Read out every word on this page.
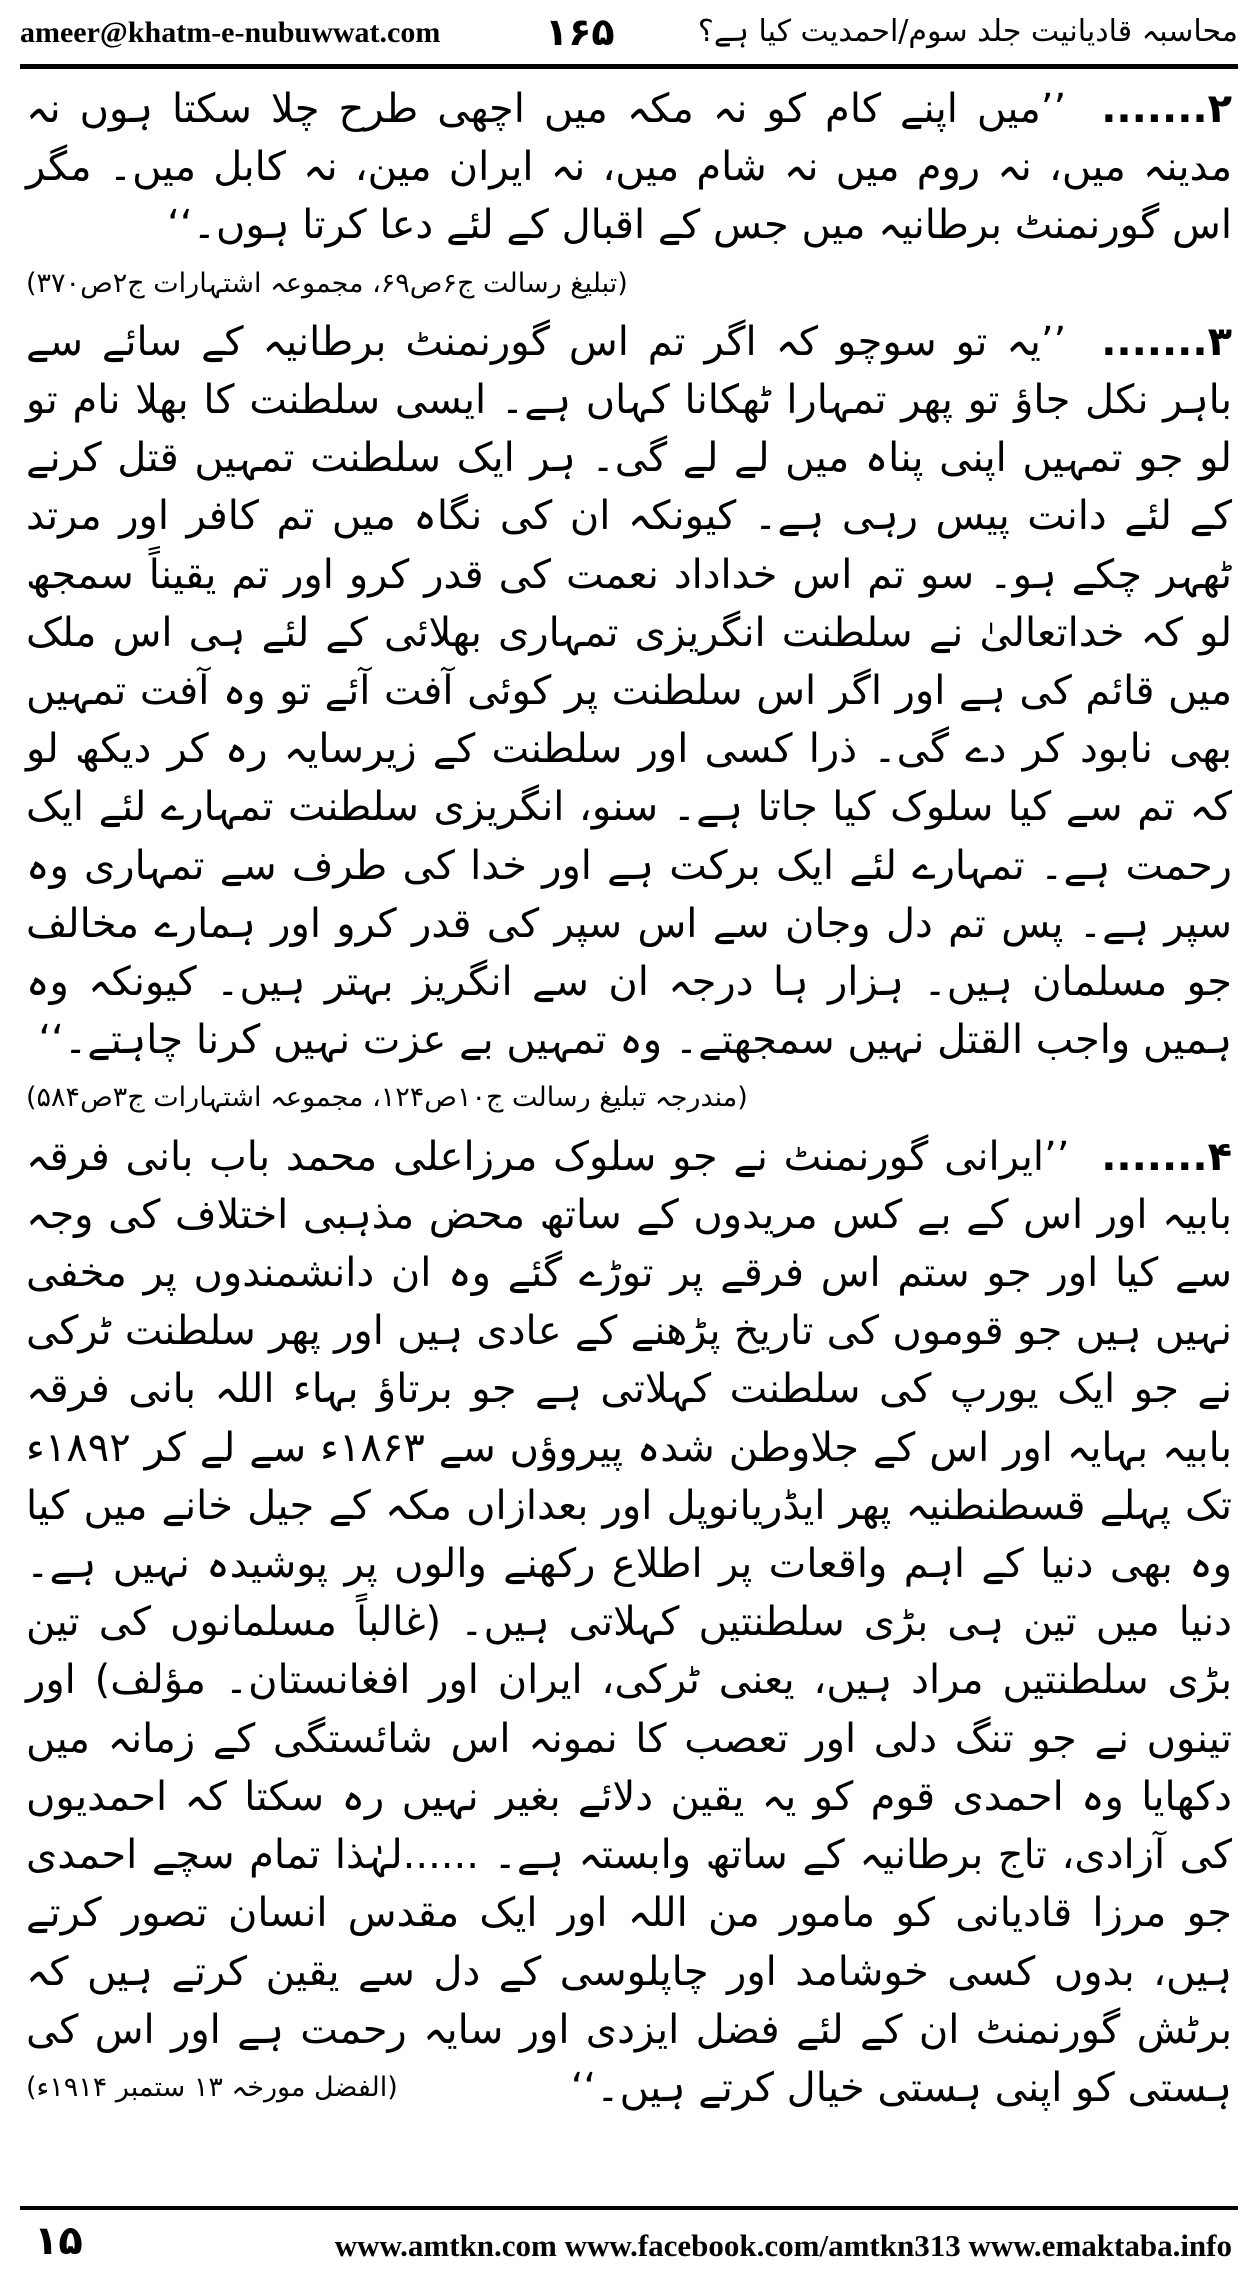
ameer@khatm-e-nubuwwat.com	۱۶۵	محاسبہ قادیانیت جلد سوم/احمدیت کیا ہے؟

۲....... ’’میں اپنے کام کو نہ مکہ میں اچھی طرح چلا سکتا ہوں نہ مدینہ میں، نہ روم میں نہ شام میں، نہ ایران مین، نہ کابل میں۔ مگر اس گورنمنٹ برطانیہ میں جس کے اقبال کے لئے دعا کرتا ہوں۔‘‘
(تبلیغ رسالت ج۶ص۶۹، مجموعہ اشتہارات ج۲ص۳۷۰)

۳....... ’’یہ تو سوچو کہ اگر تم اس گورنمنٹ برطانیہ کے سائے سے باہر نکل جاؤ تو پھر تمہارا ٹھکانا کہاں ہے۔ ایسی سلطنت کا بھلا نام تو لو جو تمہیں اپنی پناہ میں لے لے گی۔ ہر ایک سلطنت تمہیں قتل کرنے کے لئے دانت پیس رہی ہے۔ کیونکہ ان کی نگاہ میں تم کافر اور مرتد ٹھہر چکے ہو۔ سو تم اس خداداد نعمت کی قدر کرو اور تم یقیناً سمجھ لو کہ خداتعالیٰ نے سلطنت انگریزی تمہاری بھلائی کے لئے ہی اس ملک میں قائم کی ہے اور اگر اس سلطنت پر کوئی آفت آئے تو وہ آفت تمہیں بھی نابود کر دے گی۔ ذرا کسی اور سلطنت کے زیرسایہ رہ کر دیکھ لو کہ تم سے کیا سلوک کیا جاتا ہے۔ سنو، انگریزی سلطنت تمہارے لئے ایک رحمت ہے۔ تمہارے لئے ایک برکت ہے اور خدا کی طرف سے تمہاری وہ سپر ہے۔ پس تم دل وجان سے اس سپر کی قدر کرو اور ہمارے مخالف جو مسلمان ہیں۔ ہزار ہا درجہ ان سے انگریز بہتر ہیں۔ کیونکہ وہ ہمیں واجب القتل نہیں سمجھتے۔ وہ تمہیں بے عزت نہیں کرنا چاہتے۔‘‘
(مندرجہ تبلیغ رسالت ج۱۰ص۱۲۴، مجموعہ اشتہارات ج۳ص۵۸۴)

۴....... ’’ایرانی گورنمنٹ نے جو سلوک مرزاعلی محمد باب بانی فرقہ بابیہ اور اس کے بے کس مریدوں کے ساتھ محض مذہبی اختلاف کی وجہ سے کیا اور جو ستم اس فرقے پر توڑے گئے وہ ان دانشمندوں پر مخفی نہیں ہیں جو قوموں کی تاریخ پڑھنے کے عادی ہیں اور پھر سلطنت ٹرکی نے جو ایک یورپ کی سلطنت کہلاتی ہے جو برتاؤ بہاء اللہ بانی فرقہ بابیہ بہایہ اور اس کے جلاوطن شدہ پیروؤں سے ۱۸۶۳ء سے لے کر ۱۸۹۲ء تک پہلے قسطنطنیہ پھر ایڈریانوپل اور بعدازاں مکہ کے جیل خانے میں کیا وہ بھی دنیا کے اہم واقعات پر اطلاع رکھنے والوں پر پوشیدہ نہیں ہے۔ دنیا میں تین ہی بڑی سلطنتیں کہلاتی ہیں۔ (غالباً مسلمانوں کی تین بڑی سلطنتیں مراد ہیں، یعنی ٹرکی، ایران اور افغانستان۔ مؤلف) اور تینوں نے جو تنگ دلی اور تعصب کا نمونہ اس شائستگی کے زمانہ میں دکھایا وہ احمدی قوم کو یہ یقین دلائے بغیر نہیں رہ سکتا کہ احمدیوں کی آزادی، تاج برطانیہ کے ساتھ وابستہ ہے۔ ......لہٰذا تمام سچے احمدی جو مرزا قادیانی کو مامور من اللہ اور ایک مقدس انسان تصور کرتے ہیں، بدوں کسی خوشامد اور چاپلوسی کے دل سے یقین کرتے ہیں کہ برٹش گورنمنٹ ان کے لئے فضل ایزدی اور سایہ رحمت ہے اور اس کی ہستی کو اپنی ہستی خیال کرتے ہیں۔‘‘
(الفضل مورخہ ۱۳ ستمبر ۱۹۱۴ء)

۱۵	www.amtkn.com www.facebook.com/amtkn313 www.emaktaba.info
